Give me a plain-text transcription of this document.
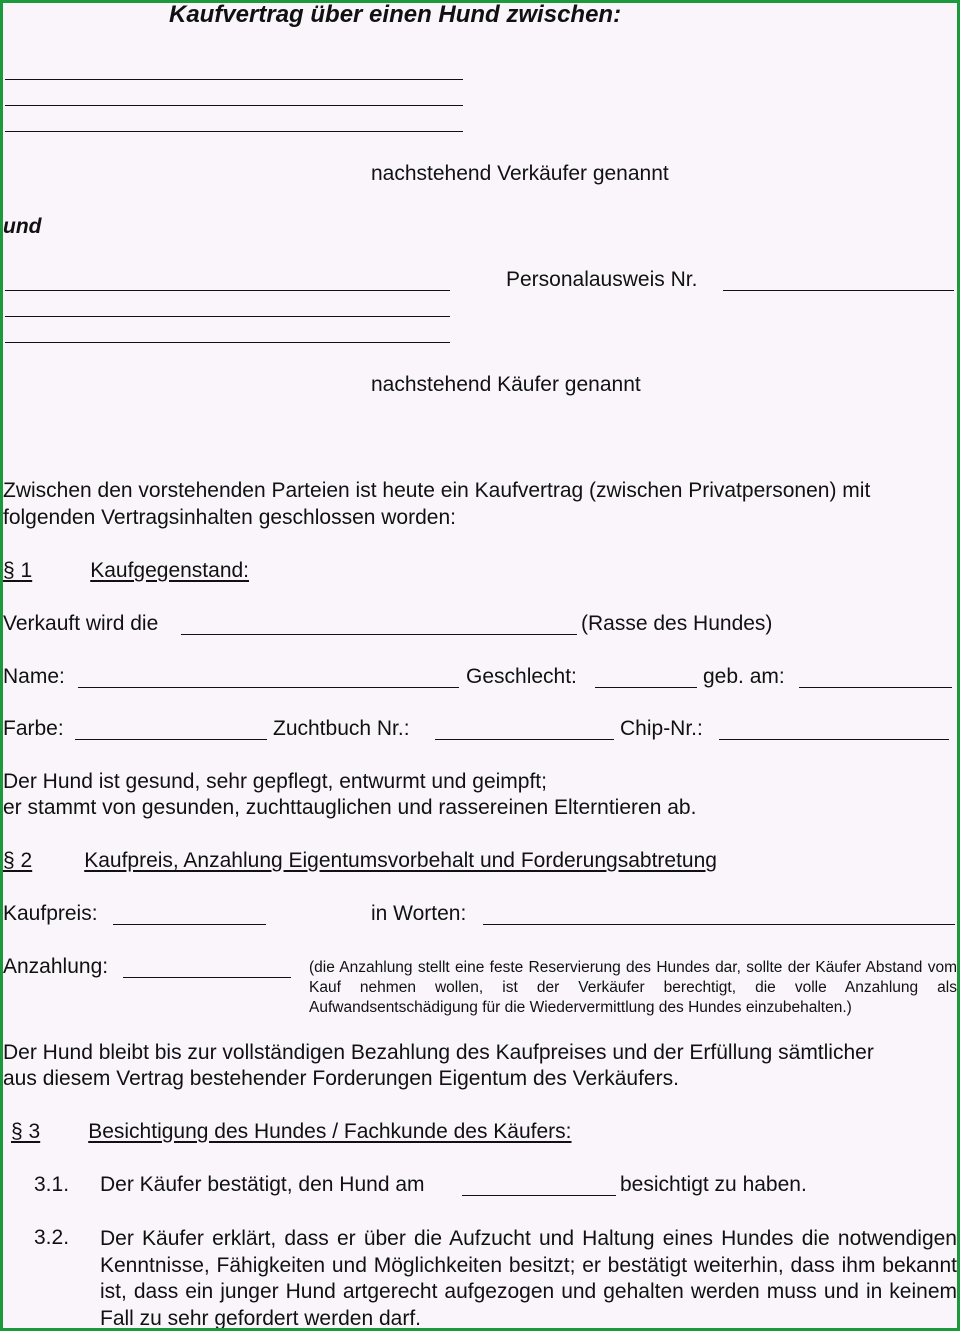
Kaufvertrag über einen Hund zwischen:
nachstehend Verkäufer genannt
und
Personalausweis Nr.
nachstehend Käufer genannt
Zwischen den vorstehenden Parteien ist heute ein Kaufvertrag (zwischen Privatpersonen) mit
folgenden Vertragsinhalten geschlossen worden:
§ 1	Kaufgegenstand:
Verkauft wird die	(Rasse des Hundes)
Name:	Geschlecht:	geb. am:
Farbe:	Zuchtbuch Nr.:	Chip-Nr.:
Der Hund ist gesund, sehr gepflegt, entwurmt und geimpft;
er stammt von gesunden, zuchttauglichen und rassereinen Elterntieren ab.
§ 2 Kaufpreis, Anzahlung Eigentumsvorbehalt und Forderungsabtretung
Kaufpreis:	in Worten:
Anzahlung:	(die Anzahlung stellt eine feste Reservierung des Hundes dar, sollte der Käufer Abstand vom Kauf nehmen wollen, ist der Verkäufer berechtigt, die volle Anzahlung als Aufwandsentschädigung für die Wiedervermittlung des Hundes einzubehalten.)
Der Hund bleibt bis zur vollständigen Bezahlung des Kaufpreises und der Erfüllung sämtlicher
aus diesem Vertrag bestehender Forderungen Eigentum des Verkäufers.
§ 3 Besichtigung des Hundes / Fachkunde des Käufers:
3.1. Der Käufer bestätigt, den Hund am	besichtigt zu haben.
3.2. Der Käufer erklärt, dass er über die Aufzucht und Haltung eines Hundes die notwendigen Kenntnisse, Fähigkeiten und Möglichkeiten besitzt; er bestätigt weiterhin, dass ihm bekannt ist, dass ein junger Hund artgerecht aufgezogen und gehalten werden muss und in keinem Fall zu sehr gefordert werden darf.
